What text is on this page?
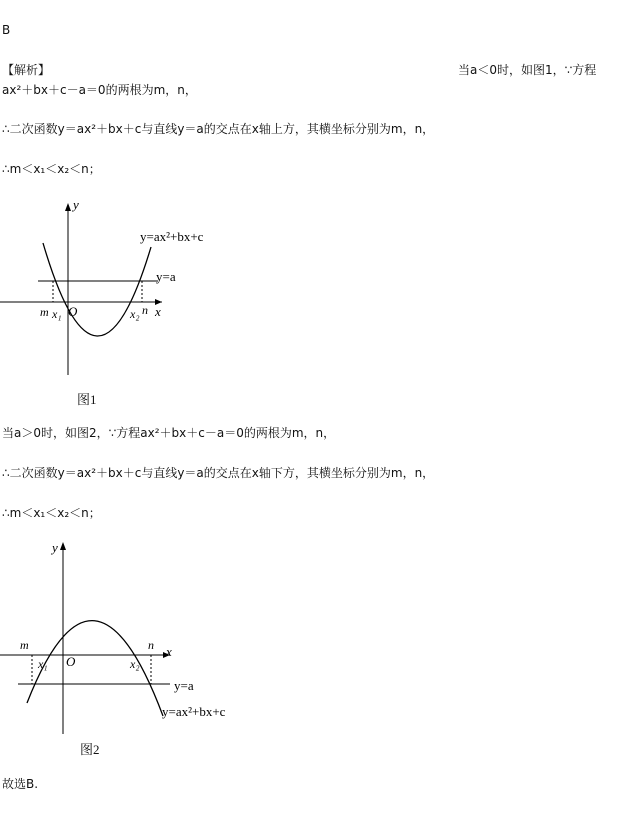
B
【解析】	当a＜0时，如图1，∵方程
ax²＋bx＋c－a＝0的两根为m，n，
∴二次函数y＝ax²＋bx＋c与直线y＝a的交点在x轴上方，其横坐标分别为m，n，
∴m＜x₁＜x₂＜n；
y=ax²+bx+c
y=a
x
y
O
m x₁	x₂ n
图1
当a＞0时，如图2，∵方程ax²＋bx＋c－a＝0的两根为m，n，
∴二次函数y＝ax²＋bx＋c与直线y＝a的交点在x轴下方，其横坐标分别为m，n，
∴m＜x₁＜x₂＜n；
m	n x
y
O
x₁	x₂
y=a
y=ax²+bx+c
图2
故选B.
